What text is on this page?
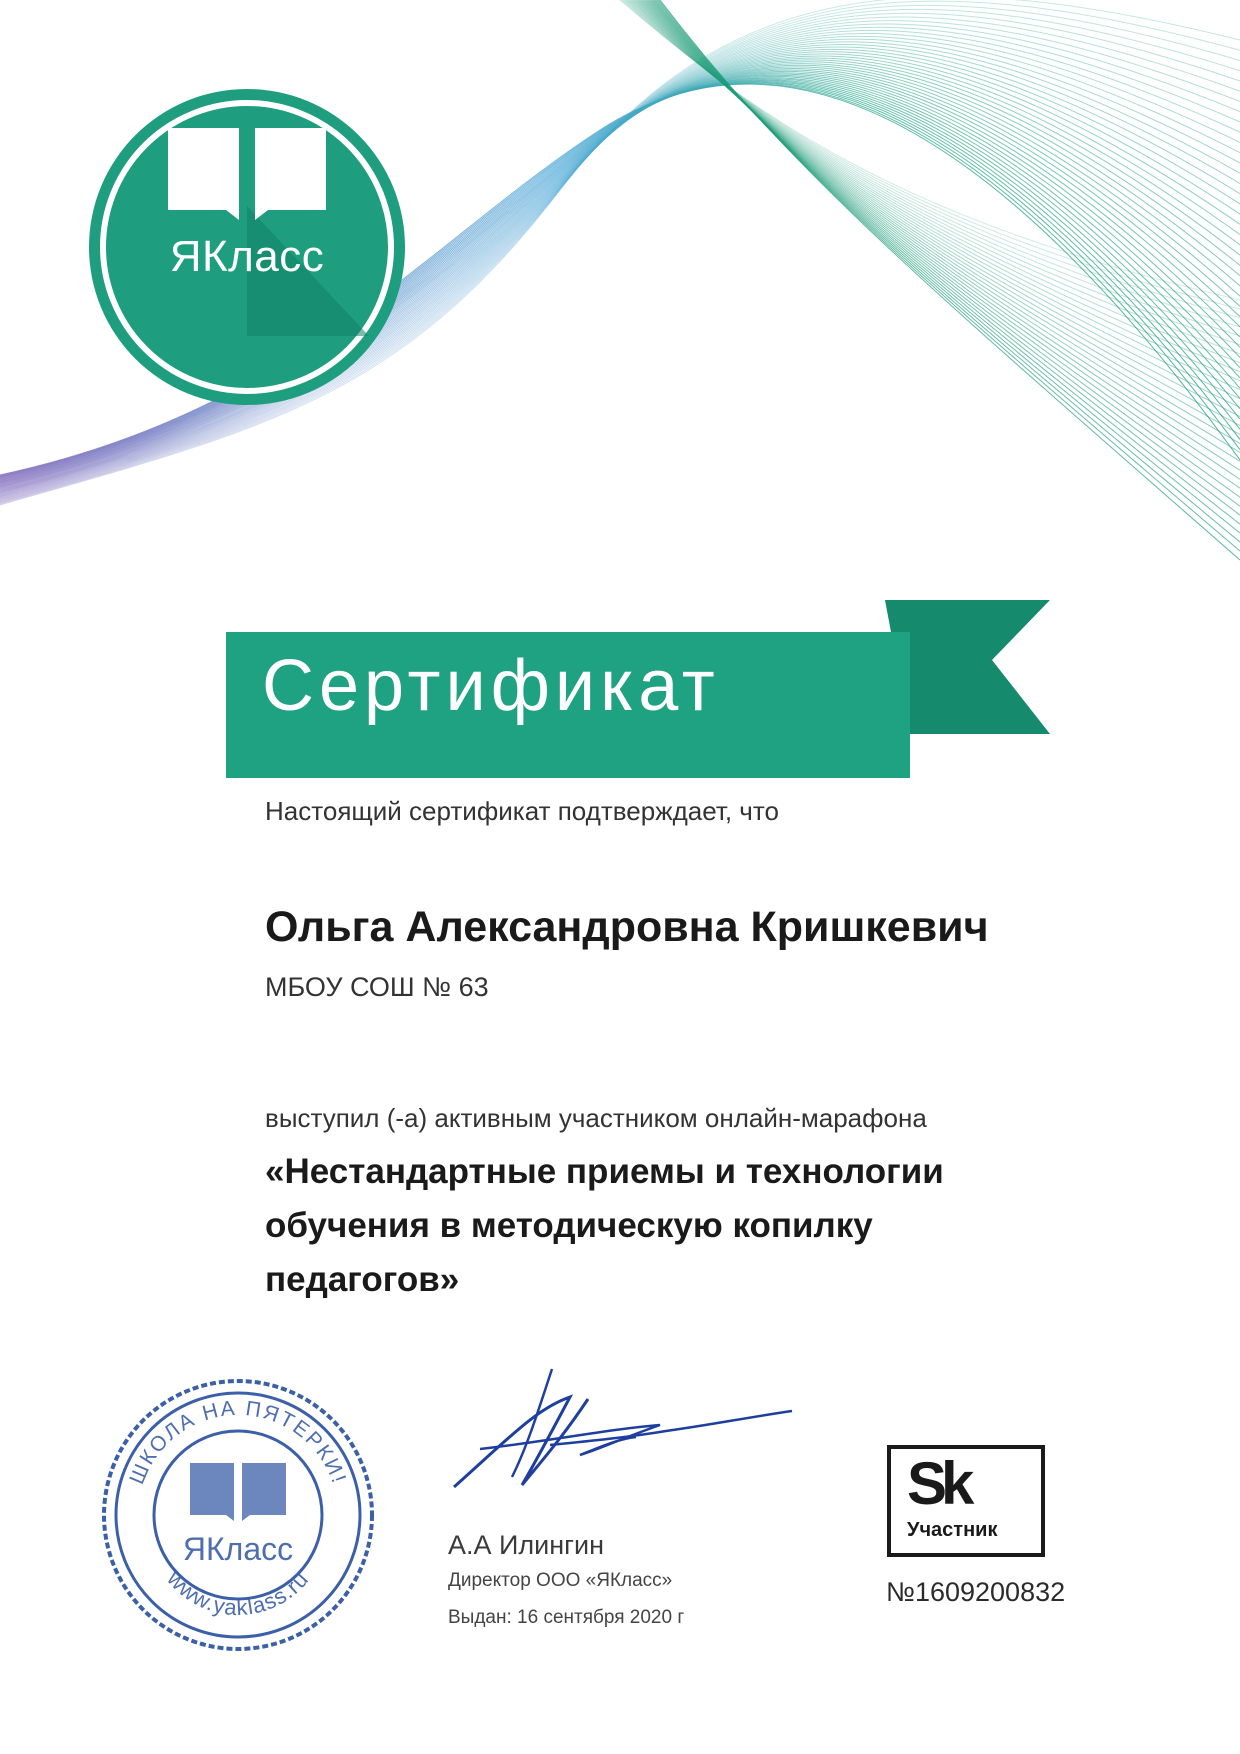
ЯКласс
Сертификат
Настоящий сертификат подтверждает, что
Ольга Александровна Кришкевич
МБОУ СОШ № 63
выступил (-а) активным участником онлайн-марафона
«Нестандартные приемы и технологии обучения в методическую копилку педагогов»
ШКОЛА НА ПЯТЕРКИ!
www.yaklass.ru
ЯКласс	А.А Илингин
Директор ООО «ЯКласс»
Выдан: 16 сентября 2020 г
Sk
Участник
№1609200832
